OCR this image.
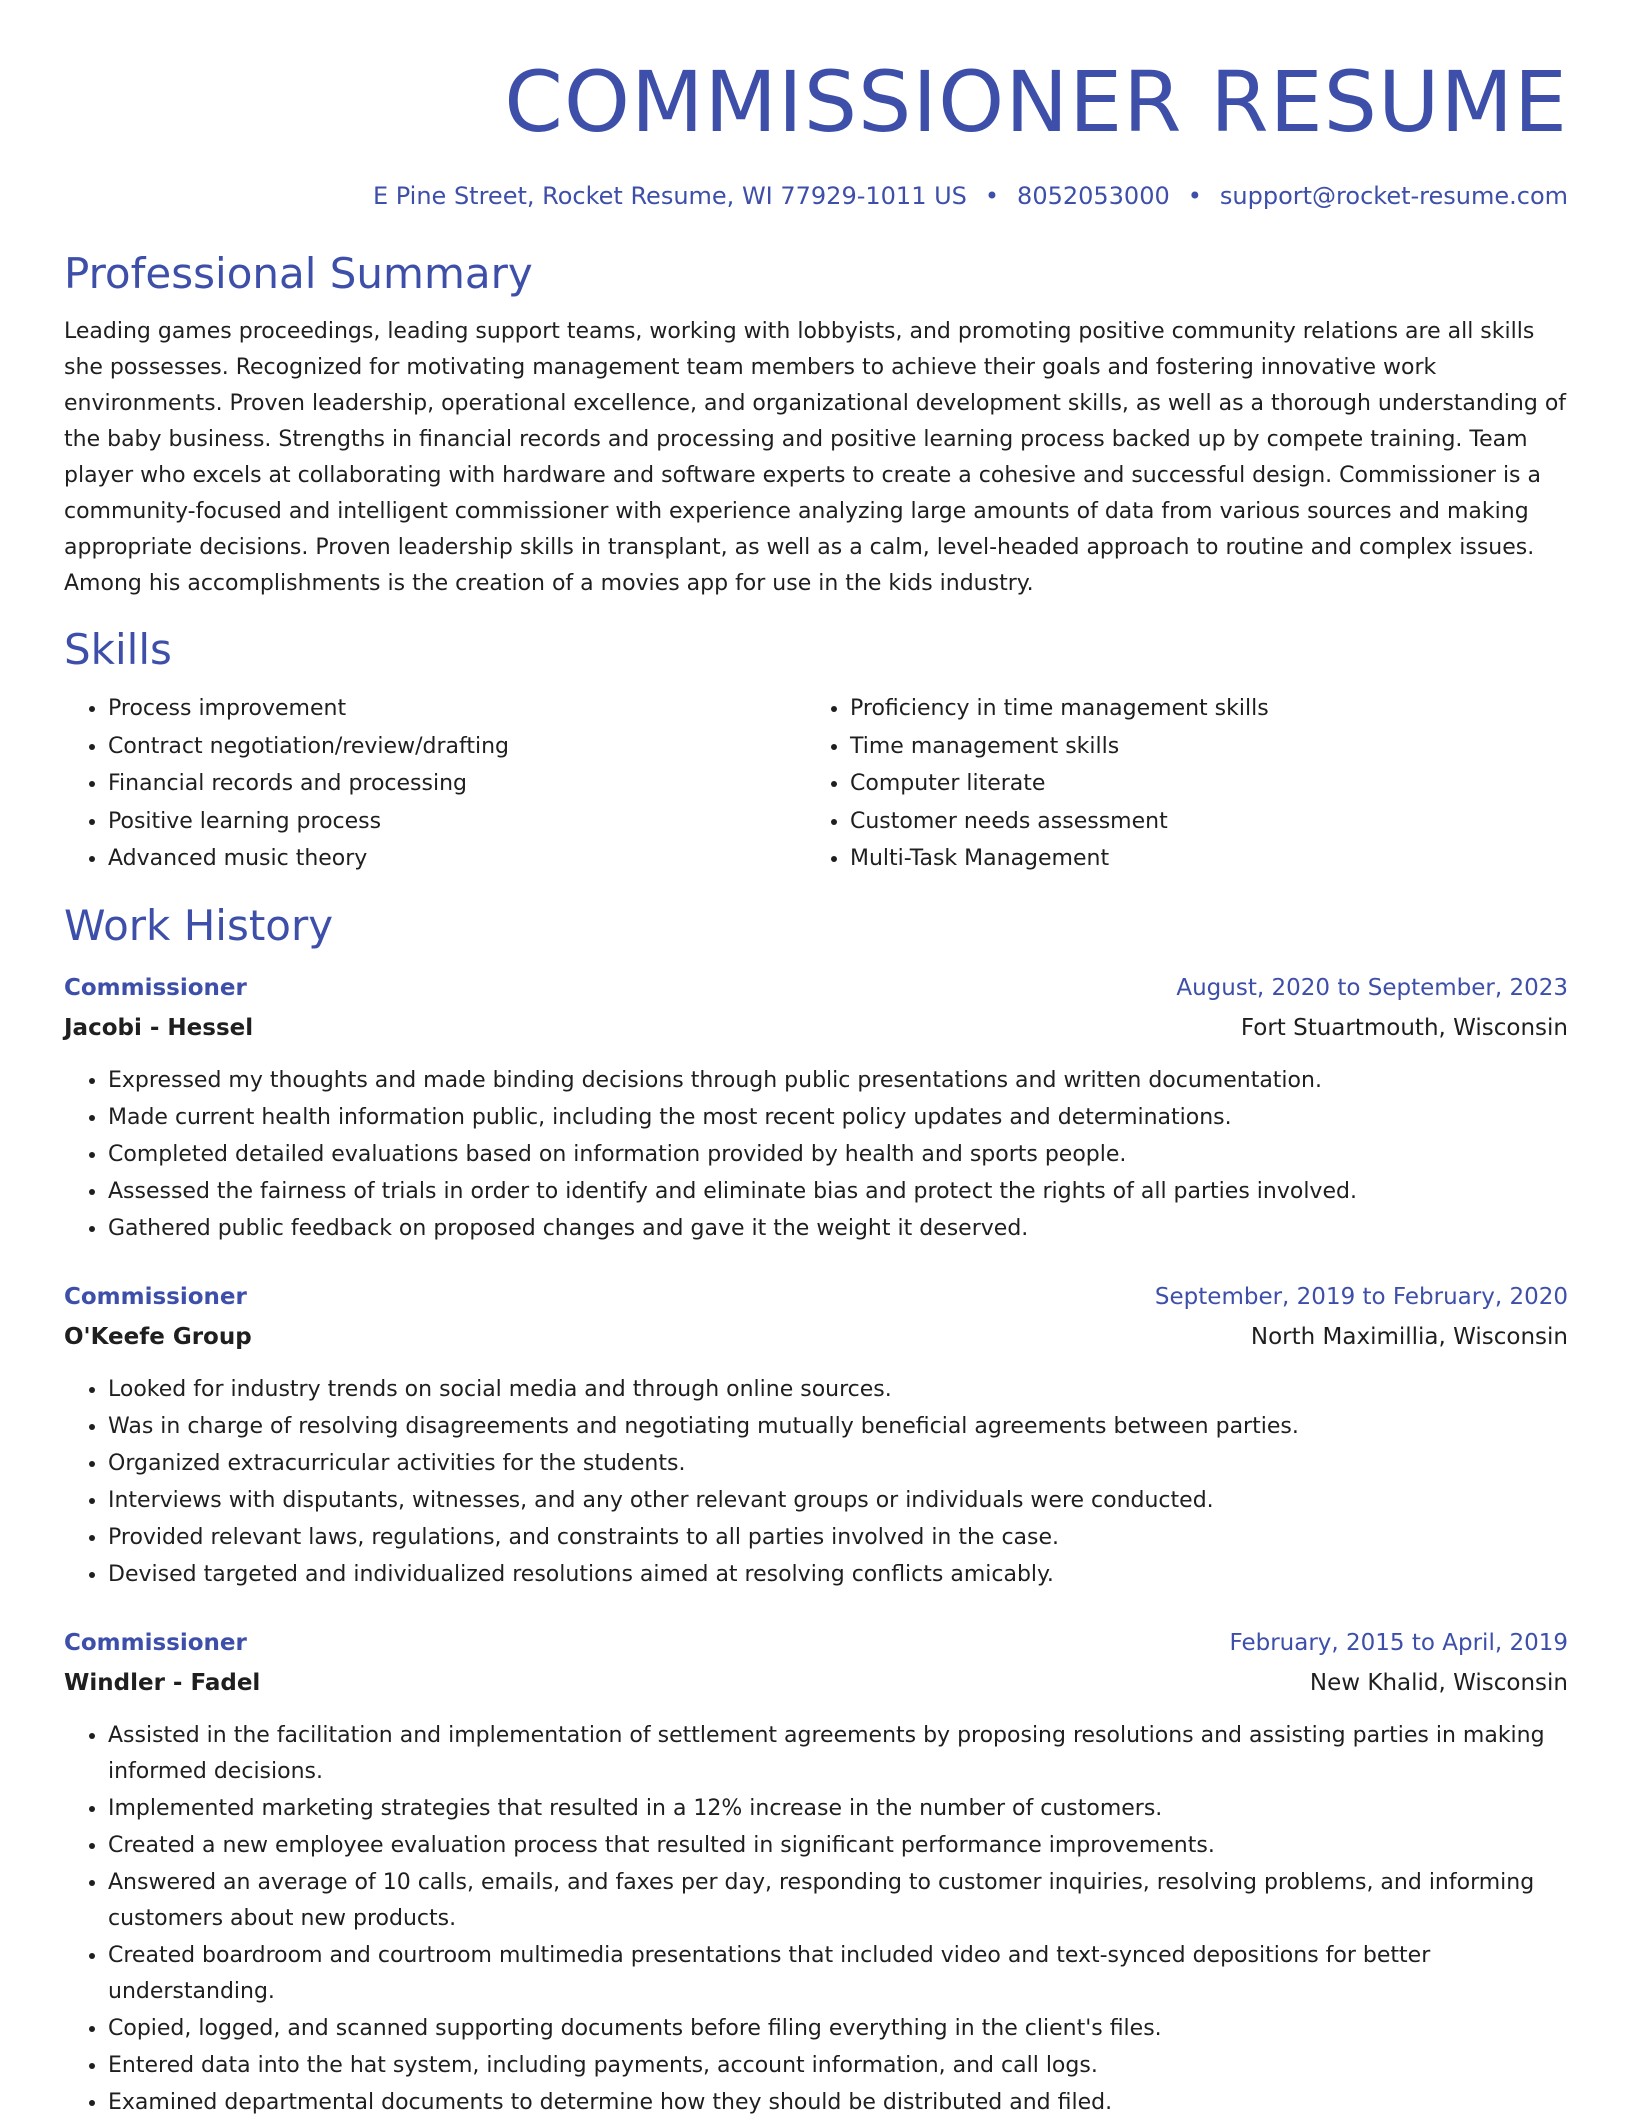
COMMISSIONER RESUME
E Pine Street, Rocket Resume, WI 77929-1011 US • 8052053000 • support@rocket-resume.com
Professional Summary

Leading games proceedings, leading support teams, working with lobbyists, and promoting positive community relations are all skills she possesses. Recognized for motivating management team members to achieve their goals and fostering innovative work environments. Proven leadership, operational excellence, and organizational development skills, as well as a thorough understanding of the baby business. Strengths in financial records and processing and positive learning process backed up by compete training. Team player who excels at collaborating with hardware and software experts to create a cohesive and successful design. Commissioner is a community-focused and intelligent commissioner with experience analyzing large amounts of data from various sources and making appropriate decisions. Proven leadership skills in transplant, as well as a calm, level-headed approach to routine and complex issues. Among his accomplishments is the creation of a movies app for use in the kids industry.

Skills
• Process improvement
• Contract negotiation/review/drafting
• Financial records and processing
• Positive learning process
• Advanced music theory
• Proficiency in time management skills
• Time management skills
• Computer literate
• Customer needs assessment
• Multi-Task Management
Work History
Commissioner	August, 2020 to September, 2023
Jacobi - Hessel	Fort Stuartmouth, Wisconsin
• Expressed my thoughts and made binding decisions through public presentations and written documentation.
• Made current health information public, including the most recent policy updates and determinations.
• Completed detailed evaluations based on information provided by health and sports people.
• Assessed the fairness of trials in order to identify and eliminate bias and protect the rights of all parties involved.
• Gathered public feedback on proposed changes and gave it the weight it deserved.
Commissioner	September, 2019 to February, 2020
O'Keefe Group	North Maximillia, Wisconsin
• Looked for industry trends on social media and through online sources.
• Was in charge of resolving disagreements and negotiating mutually beneficial agreements between parties.
• Organized extracurricular activities for the students.
• Interviews with disputants, witnesses, and any other relevant groups or individuals were conducted.
• Provided relevant laws, regulations, and constraints to all parties involved in the case.
• Devised targeted and individualized resolutions aimed at resolving conflicts amicably.
Commissioner	February, 2015 to April, 2019
Windler - Fadel	New Khalid, Wisconsin
• Assisted in the facilitation and implementation of settlement agreements by proposing resolutions and assisting parties in making informed decisions.
• Implemented marketing strategies that resulted in a 12% increase in the number of customers.
• Created a new employee evaluation process that resulted in significant performance improvements.
• Answered an average of 10 calls, emails, and faxes per day, responding to customer inquiries, resolving problems, and informing customers about new products.
• Created boardroom and courtroom multimedia presentations that included video and text-synced depositions for better understanding.
• Copied, logged, and scanned supporting documents before filing everything in the client's files.
• Entered data into the hat system, including payments, account information, and call logs.
• Examined departmental documents to determine how they should be distributed and filed.
